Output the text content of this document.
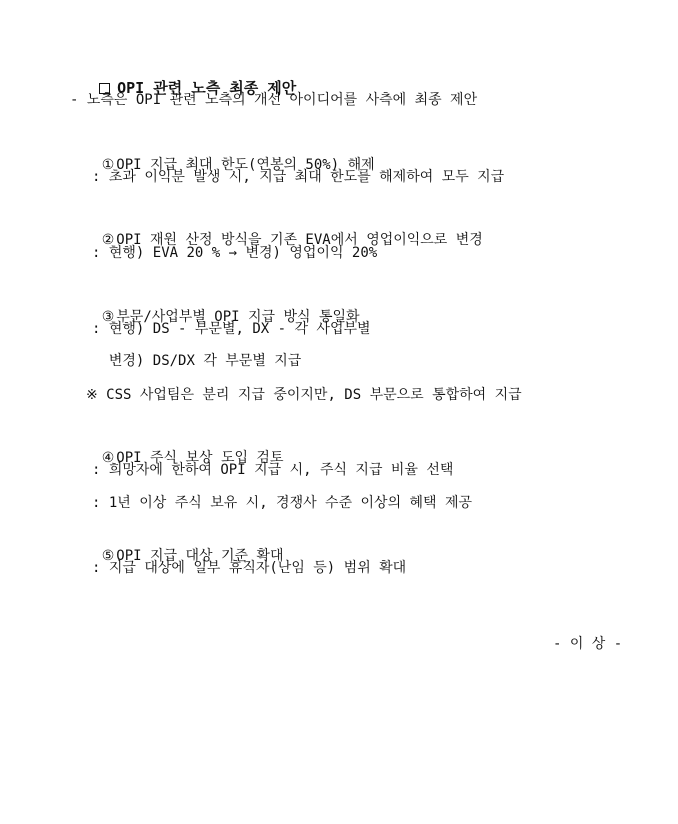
OPI 관련 노측 최종 제안

- 노측은 OPI 관련 노측의 개선 아이디어를 사측에 최종 제안

① OPI 지급 최대 한도(연봉의 50%) 해제

: 초과 이익분 발생 시, 지급 최대 한도를 해제하여 모두 지급

② OPI 재원 산정 방식을 기존 EVA에서 영업이익으로 변경

: 현행) EVA 20 % → 변경) 영업이익 20%

③ 부문/사업부별 OPI 지급 방식 통일화

: 현행) DS - 부문별, DX - 각 사업부별
변경) DS/DX 각 부문별 지급
※ CSS 사업팀은 분리 지급 중이지만, DS 부문으로 통합하여 지급

④ OPI 주식 보상 도입 검토

: 희망자에 한하여 OPI 지급 시, 주식 지급 비율 선택
: 1년 이상 주식 보유 시, 경쟁사 수준 이상의 혜택 제공

⑤ OPI 지급 대상 기준 확대

: 지급 대상에 일부 휴직자(난임 등) 범위 확대
- 이 상 -
